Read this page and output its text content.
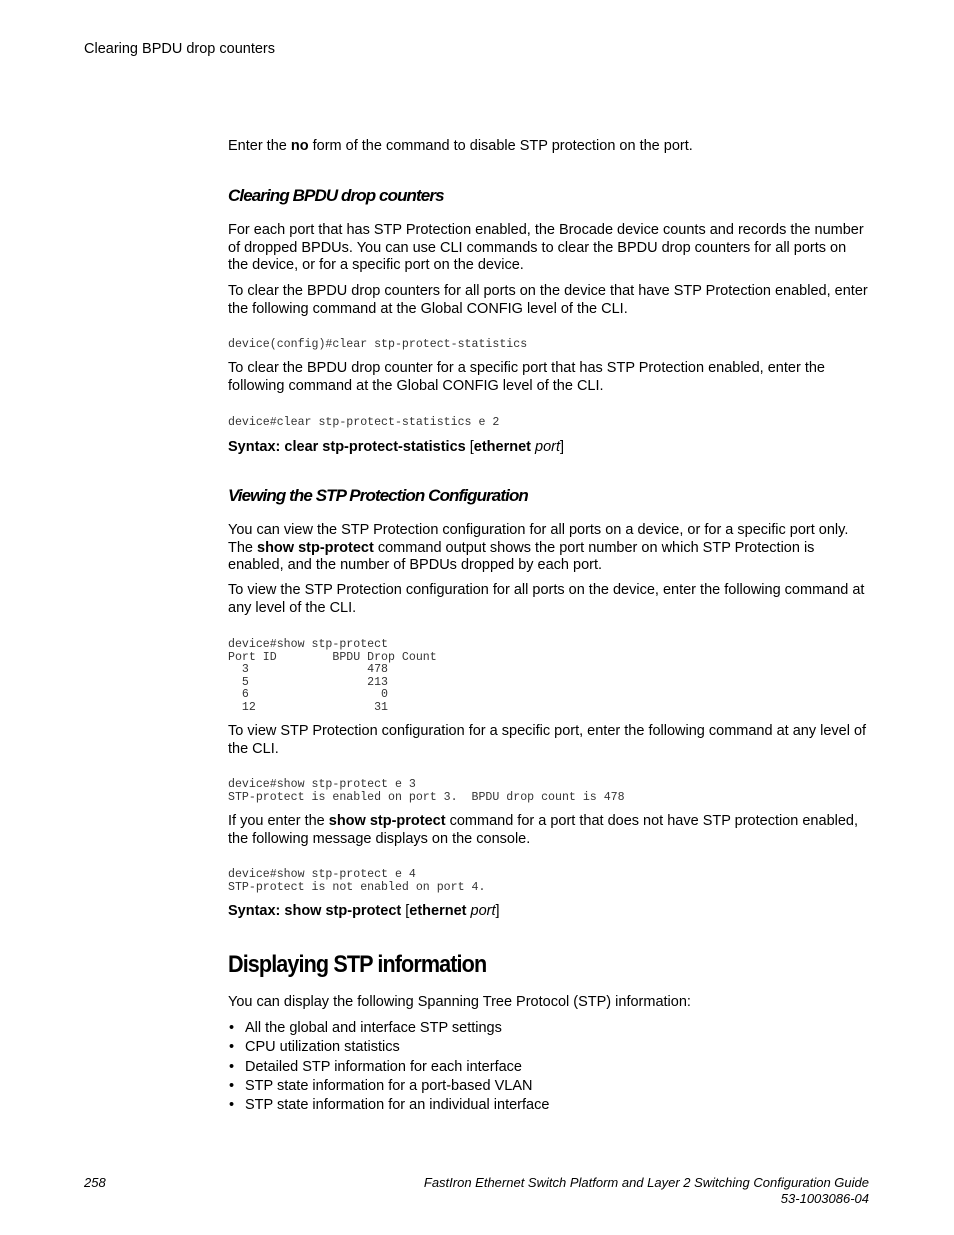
Clearing BPDU drop counters

Enter the no form of the command to disable STP protection on the port.

Clearing BPDU drop counters

For each port that has STP Protection enabled, the Brocade device counts and records the number of dropped BPDUs. You can use CLI commands to clear the BPDU drop counters for all ports on the device, or for a specific port on the device.

To clear the BPDU drop counters for all ports on the device that have STP Protection enabled, enter the following command at the Global CONFIG level of the CLI.

device(config)#clear stp-protect-statistics

To clear the BPDU drop counter for a specific port that has STP Protection enabled, enter the following command at the Global CONFIG level of the CLI.

device#clear stp-protect-statistics e 2

Syntax: clear stp-protect-statistics [ethernet port]

Viewing the STP Protection Configuration

You can view the STP Protection configuration for all ports on a device, or for a specific port only. The show stp-protect command output shows the port number on which STP Protection is enabled, and the number of BPDUs dropped by each port.

To view the STP Protection configuration for all ports on the device, enter the following command at any level of the CLI.

device#show stp-protect
Port ID        BPDU Drop Count
3                 478
5                 213
6                   0
12                 31

To view STP Protection configuration for a specific port, enter the following command at any level of the CLI.

device#show stp-protect e 3
STP-protect is enabled on port 3.  BPDU drop count is 478

If you enter the show stp-protect command for a port that does not have STP protection enabled, the following message displays on the console.

device#show stp-protect e 4
STP-protect is not enabled on port 4.

Syntax: show stp-protect [ethernet port]

Displaying STP information

You can display the following Spanning Tree Protocol (STP) information:

• All the global and interface STP settings
• CPU utilization statistics
• Detailed STP information for each interface
• STP state information for a port-based VLAN
• STP state information for an individual interface
258	FastIron Ethernet Switch Platform and Layer 2 Switching Configuration Guide
53-1003086-04
